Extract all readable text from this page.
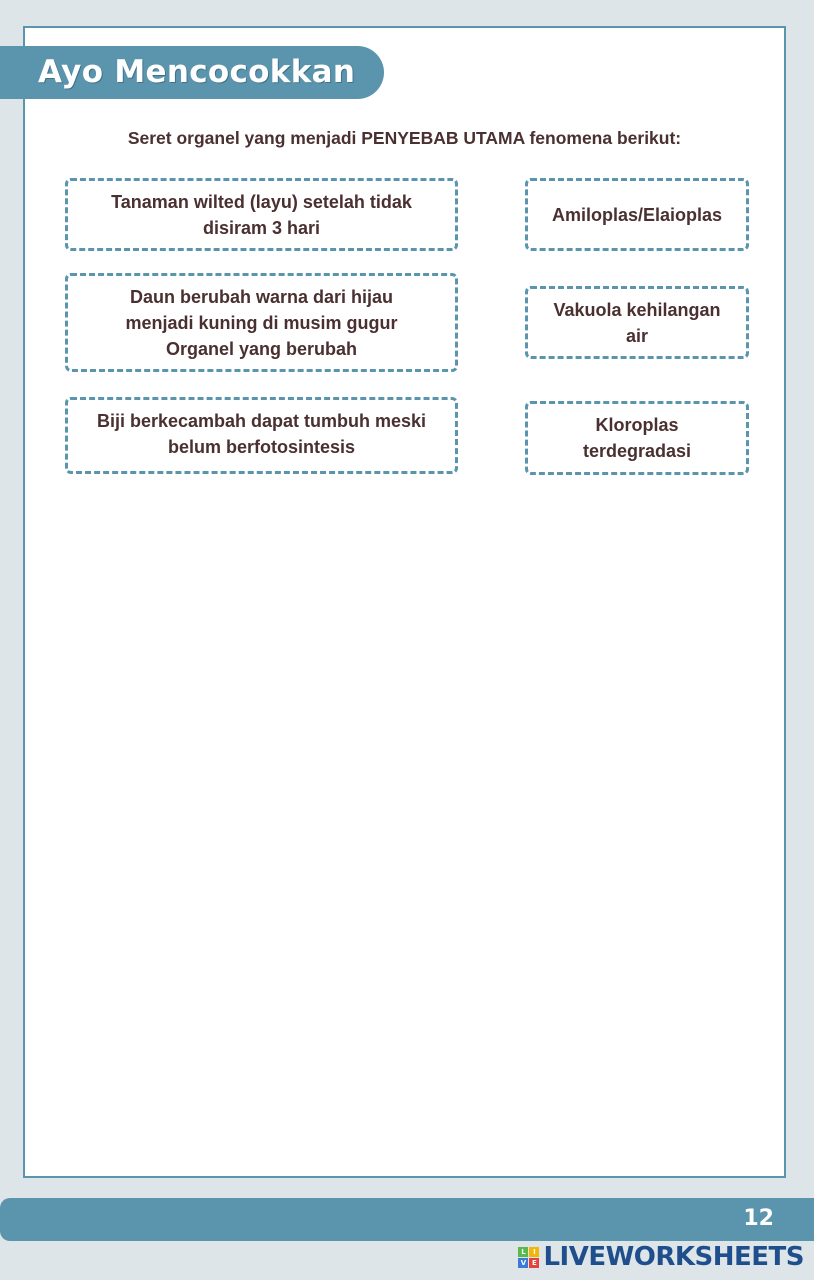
Ayo Mencocokkan
Seret organel yang menjadi PENYEBAB UTAMA fenomena berikut:
Tanaman wilted (layu) setelah tidak
disiram 3 hari
Daun berubah warna dari hijau
menjadi kuning di musim gugur
Organel yang berubah
Biji berkecambah dapat tumbuh meski
belum berfotosintesis
Amiloplas/Elaioplas
Vakuola kehilangan
air
Kloroplas
terdegradasi
12
L	I
V E LIVEWORKSHEETS
